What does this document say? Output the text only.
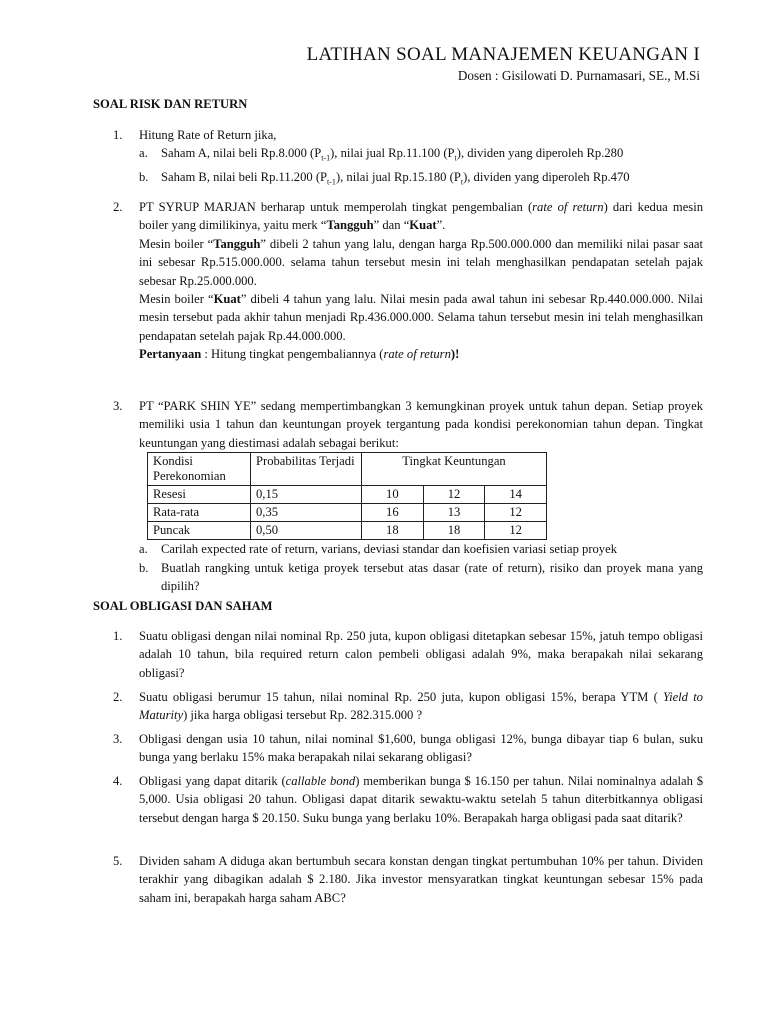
LATIHAN SOAL MANAJEMEN KEUANGAN I
Dosen : Gisilowati D. Purnamasari, SE., M.Si
SOAL RISK DAN RETURN
1.	Hitung Rate of Return jika,

a. Saham A, nilai beli Rp.8.000 $(P_{t-1})$, nilai jual Rp.11.100 $(P_t)$, dividen yang diperoleh Rp.280
b. Saham B, nilai beli Rp.11.200 $(P_{t-1})$, nilai jual Rp.15.180 $(P_t)$, dividen yang diperoleh Rp.470
2.	PT SYRUP MARJAN berharap untuk memperolah tingkat pengembalian (rate of return) dari kedua mesin boiler yang dimilikinya, yaitu merk “Tangguh” dan “Kuat”.

Mesin boiler “Tangguh” dibeli 2 tahun yang lalu, dengan harga Rp.500.000.000 dan memiliki nilai pasar saat ini sebesar Rp.515.000.000. selama tahun tersebut mesin ini telah menghasilkan pendapatan setelah pajak sebesar Rp.25.000.000.

Mesin boiler “Kuat” dibeli 4 tahun yang lalu. Nilai mesin pada awal tahun ini sebesar Rp.440.000.000. Nilai mesin tersebut pada akhir tahun menjadi Rp.436.000.000. Selama tahun tersebut mesin ini telah menghasilkan pendapatan setelah pajak Rp.44.000.000.

Pertanyaan : Hitung tingkat pengembaliannya (rate of return)!

3.	PT “PARK SHIN YE” sedang mempertimbangkan 3 kemungkinan proyek untuk tahun depan. Setiap proyek memiliki usia 1 tahun dan keuntungan proyek tergantung pada kondisi perekonomian tahun depan. Tingkat keuntungan yang diestimasi adalah sebagai berikut:

Kondisi Perekonomian	Probabilitas Terjadi	Tingkat Keuntungan		
Resesi	0,15	10	12	14
Rata-rata	0,35	16	13	12
Puncak	0,50	18	18	12
a. Carilah expected rate of return, varians, deviasi standar dan koefisien variasi setiap proyek
b. Buatlah rangking untuk ketiga proyek tersebut atas dasar (rate of return), risiko dan proyek mana yang dipilih?
SOAL OBLIGASI DAN SAHAM
1.	Suatu obligasi dengan nilai nominal Rp. 250 juta, kupon obligasi ditetapkan sebesar 15%, jatuh tempo obligasi adalah 10 tahun, bila required return calon pembeli obligasi adalah 9%, maka berapakah nilai sekarang obligasi?

2.	Suatu obligasi berumur 15 tahun, nilai nominal Rp. 250 juta, kupon obligasi 15%, berapa YTM ( Yield to Maturity) jika harga obligasi tersebut Rp. 282.315.000 ?

3.	Obligasi dengan usia 10 tahun, nilai nominal $1,600, bunga obligasi 12%, bunga dibayar tiap 6 bulan, suku bunga yang berlaku 15% maka berapakah nilai sekarang obligasi?

4.	Obligasi yang dapat ditarik (callable bond) memberikan bunga $ 16.150 per tahun. Nilai nominalnya adalah $ 5,000. Usia obligasi 20 tahun. Obligasi dapat ditarik sewaktu-waktu setelah 5 tahun diterbitkannya obligasi tersebut dengan harga $ 20.150. Suku bunga yang berlaku 10%. Berapakah harga obligasi pada saat ditarik?

5.	Dividen saham A diduga akan bertumbuh secara konstan dengan tingkat pertumbuhan 10% per tahun. Dividen terakhir yang dibagikan adalah $ 2.180. Jika investor mensyaratkan tingkat keuntungan sebesar 15% pada saham ini, berapakah harga saham ABC?
